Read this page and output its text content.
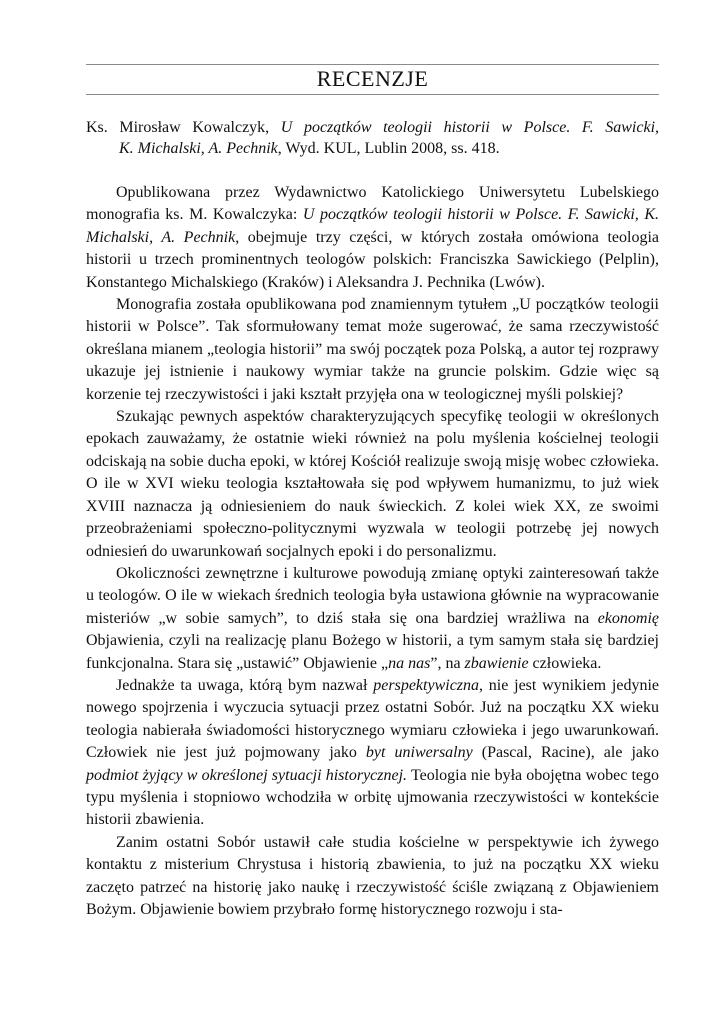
RECENZJE
Ks. Mirosław Kowalczyk, U początków teologii historii w Polsce. F. Sawicki,
K. Michalski, A. Pechnik, Wyd. KUL, Lublin 2008, ss. 418.

Opublikowana przez Wydawnictwo Katolickiego Uniwersytetu Lubelskiego monografia ks. M. Kowalczyka: U początków teologii historii w Polsce. F. Sawicki, K. Michalski, A. Pechnik, obejmuje trzy części, w których została omówiona teologia historii u trzech prominentnych teologów polskich: Franciszka Sawickiego (Pelplin), Konstantego Michalskiego (Kraków) i Aleksandra J. Pechnika (Lwów).

Monografia została opublikowana pod znamiennym tytułem „U początków teologii historii w Polsce”. Tak sformułowany temat może sugerować, że sama rzeczywistość określana mianem „teologia historii” ma swój początek poza Polską, a autor tej rozprawy ukazuje jej istnienie i naukowy wymiar także na gruncie polskim. Gdzie więc są korzenie tej rzeczywistości i jaki kształt przyjęła ona w teologicznej myśli polskiej?

Szukając pewnych aspektów charakteryzujących specyfikę teologii w określonych epokach zauważamy, że ostatnie wieki również na polu myślenia kościelnej teologii odciskają na sobie ducha epoki, w której Kościół realizuje swoją misję wobec człowieka. O ile w XVI wieku teologia kształtowała się pod wpływem humanizmu, to już wiek XVIII naznacza ją odniesieniem do nauk świeckich. Z kolei wiek XX, ze swoimi przeobrażeniami społeczno-politycznymi wyzwala w teologii potrzebę jej nowych odniesień do uwarunkowań socjalnych epoki i do personalizmu.

Okoliczności zewnętrzne i kulturowe powodują zmianę optyki zainteresowań także u teologów. O ile w wiekach średnich teologia była ustawiona głównie na wypracowanie misteriów „w sobie samych”, to dziś stała się ona bardziej wrażliwa na ekonomię Objawienia, czyli na realizację planu Bożego w historii, a tym samym stała się bardziej funkcjonalna. Stara się „ustawić” Objawienie „na nas”, na zbawienie człowieka.

Jednakże ta uwaga, którą bym nazwał perspektywiczna, nie jest wynikiem jedynie nowego spojrzenia i wyczucia sytuacji przez ostatni Sobór. Już na początku XX wieku teologia nabierała świadomości historycznego wymiaru człowieka i jego uwarunkowań. Człowiek nie jest już pojmowany jako byt uniwersalny (Pascal, Racine), ale jako podmiot żyjący w określonej sytuacji historycznej. Teologia nie była obojętna wobec tego typu myślenia i stopniowo wchodziła w orbitę ujmowania rzeczywistości w kontekście historii zbawienia.

Zanim ostatni Sobór ustawił całe studia kościelne w perspektywie ich żywego kontaktu z misterium Chrystusa i historią zbawienia, to już na początku XX wieku zaczęto patrzeć na historię jako naukę i rzeczywistość ściśle związaną z Objawieniem Bożym. Objawienie bowiem przybrało formę historycznego rozwoju i sta-
